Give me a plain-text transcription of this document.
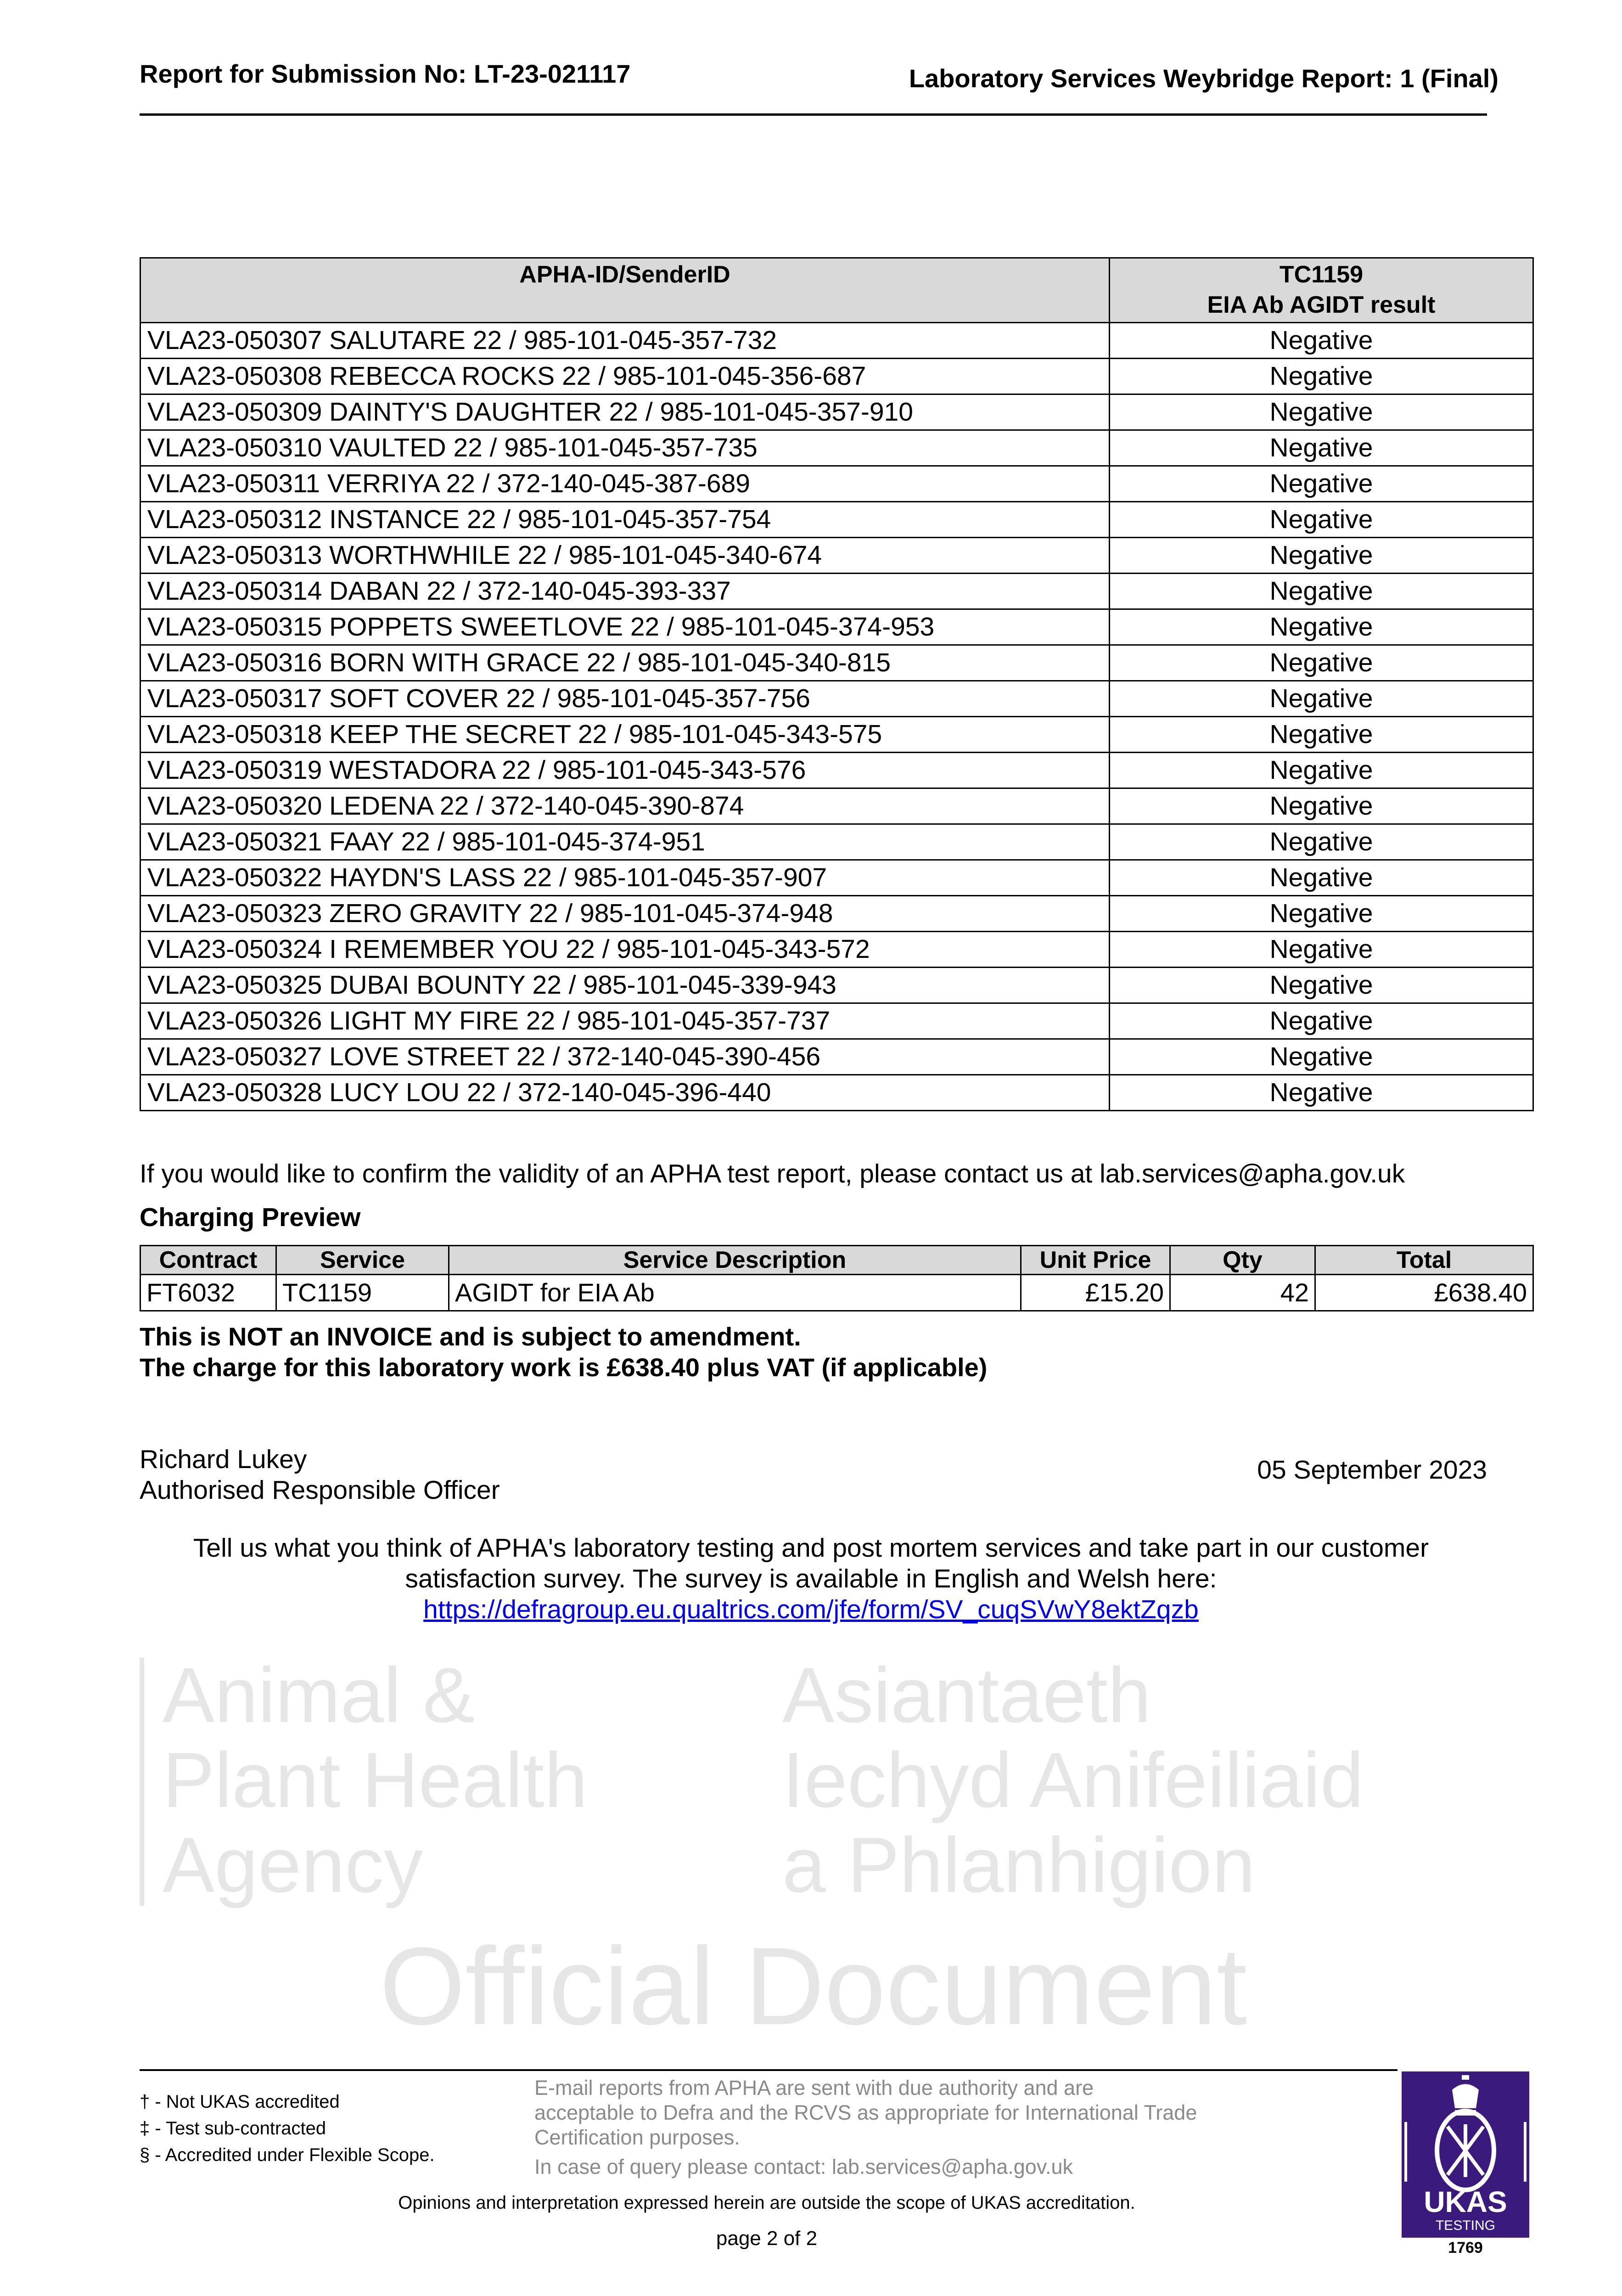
Report for Submission No: LT-23-021117	Laboratory Services Weybridge Report: 1 (Final)
APHA-ID/SenderID	TC1159
EIA Ab AGIDT result

VLA23-050307 SALUTARE 22 / 985-101-045-357-732	Negative
VLA23-050308 REBECCA ROCKS 22 / 985-101-045-356-687	Negative
VLA23-050309 DAINTY'S DAUGHTER 22 / 985-101-045-357-910	Negative
VLA23-050310 VAULTED 22 / 985-101-045-357-735	Negative
VLA23-050311 VERRIYA 22 / 372-140-045-387-689	Negative
VLA23-050312 INSTANCE 22 / 985-101-045-357-754	Negative
VLA23-050313 WORTHWHILE 22 / 985-101-045-340-674	Negative
VLA23-050314 DABAN 22 / 372-140-045-393-337	Negative
VLA23-050315 POPPETS SWEETLOVE 22 / 985-101-045-374-953	Negative
VLA23-050316 BORN WITH GRACE 22 / 985-101-045-340-815	Negative
VLA23-050317 SOFT COVER 22 / 985-101-045-357-756	Negative
VLA23-050318 KEEP THE SECRET 22 / 985-101-045-343-575	Negative
VLA23-050319 WESTADORA 22 / 985-101-045-343-576	Negative
VLA23-050320 LEDENA 22 / 372-140-045-390-874	Negative
VLA23-050321 FAAY 22 / 985-101-045-374-951	Negative
VLA23-050322 HAYDN'S LASS 22 / 985-101-045-357-907	Negative
VLA23-050323 ZERO GRAVITY 22 / 985-101-045-374-948	Negative
VLA23-050324 I REMEMBER YOU 22 / 985-101-045-343-572	Negative
VLA23-050325 DUBAI BOUNTY 22 / 985-101-045-339-943	Negative
VLA23-050326 LIGHT MY FIRE 22 / 985-101-045-357-737	Negative
VLA23-050327 LOVE STREET 22 / 372-140-045-390-456	Negative
VLA23-050328 LUCY LOU 22 / 372-140-045-396-440	Negative
If you would like to confirm the validity of an APHA test report, please contact us at lab.services@apha.gov.uk
Charging Preview
Contract	Service	Service Description	Unit Price	Qty	Total
FT6032	TC1159	AGIDT for EIA Ab	£15.20	42	£638.40
This is NOT an INVOICE and is subject to amendment.
The charge for this laboratory work is £638.40 plus VAT (if applicable)
Richard Lukey
Authorised Responsible Officer
05 September 2023
Tell us what you think of APHA's laboratory testing and post mortem services and take part in our customer
satisfaction survey. The survey is available in English and Welsh here:
https://defragroup.eu.qualtrics.com/jfe/form/SV_cuqSVwY8ektZqzb
Animal &
Plant Health
Agency
Asiantaeth
Iechyd Anifeiliaid
a Phlanhigion
Official Document
† - Not UKAS accredited
‡ - Test sub-contracted
§ - Accredited under Flexible Scope.
E-mail reports from APHA are sent with due authority and are
acceptable to Defra and the RCVS as appropriate for International Trade
Certification purposes.
In case of query please contact: lab.services@apha.gov.uk
Opinions and interpretation expressed herein are outside the scope of UKAS accreditation.
page 2 of 2
UKAS
TESTING
1769
